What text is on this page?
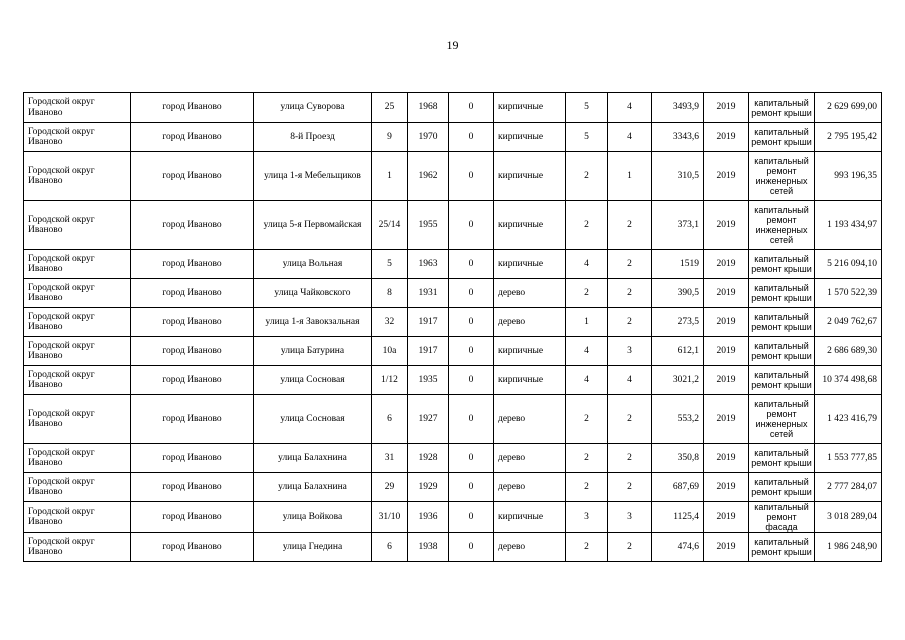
19
Городской округ Иваново	город Иваново	улица Суворова	25	1968	0	кирпичные	5	4	3493,9	2019	капитальный ремонт крыши	2 629 699,00
Городской округ Иваново	город Иваново	8-й Проезд	9	1970	0	кирпичные	5	4	3343,6	2019	капитальный ремонт крыши	2 795 195,42
Городской округ Иваново	город Иваново	улица 1-я Мебельщиков	1	1962	0	кирпичные	2	1	310,5	2019	капитальный ремонт инженерных сетей	993 196,35
Городской округ Иваново	город Иваново	улица 5-я Первомайская	25/14	1955	0	кирпичные	2	2	373,1	2019	капитальный ремонт инженерных сетей	1 193 434,97
Городской округ Иваново	город Иваново	улица Вольная	5	1963	0	кирпичные	4	2	1519	2019	капитальный ремонт крыши	5 216 094,10
Городской округ Иваново	город Иваново	улица Чайковского	8	1931	0	дерево	2	2	390,5	2019	капитальный ремонт крыши	1 570 522,39
Городской округ Иваново	город Иваново	улица 1-я Завокзальная	32	1917	0	дерево	1	2	273,5	2019	капитальный ремонт крыши	2 049 762,67
Городской округ Иваново	город Иваново	улица Батурина	10а	1917	0	кирпичные	4	3	612,1	2019	капитальный ремонт крыши	2 686 689,30
Городской округ Иваново	город Иваново	улица Сосновая	1/12	1935	0	кирпичные	4	4	3021,2	2019	капитальный ремонт крыши	10 374 498,68
Городской округ Иваново	город Иваново	улица Сосновая	6	1927	0	дерево	2	2	553,2	2019	капитальный ремонт инженерных сетей	1 423 416,79
Городской округ Иваново	город Иваново	улица Балахнина	31	1928	0	дерево	2	2	350,8	2019	капитальный ремонт крыши	1 553 777,85
Городской округ Иваново	город Иваново	улица Балахнина	29	1929	0	дерево	2	2	687,69	2019	капитальный ремонт крыши	2 777 284,07
Городской округ Иваново	город Иваново	улица Войкова	31/10	1936	0	кирпичные	3	3	1125,4	2019	капитальный ремонт фасада	3 018 289,04
Городской округ Иваново	город Иваново	улица Гнедина	6	1938	0	дерево	2	2	474,6	2019	капитальный ремонт крыши	1 986 248,90
